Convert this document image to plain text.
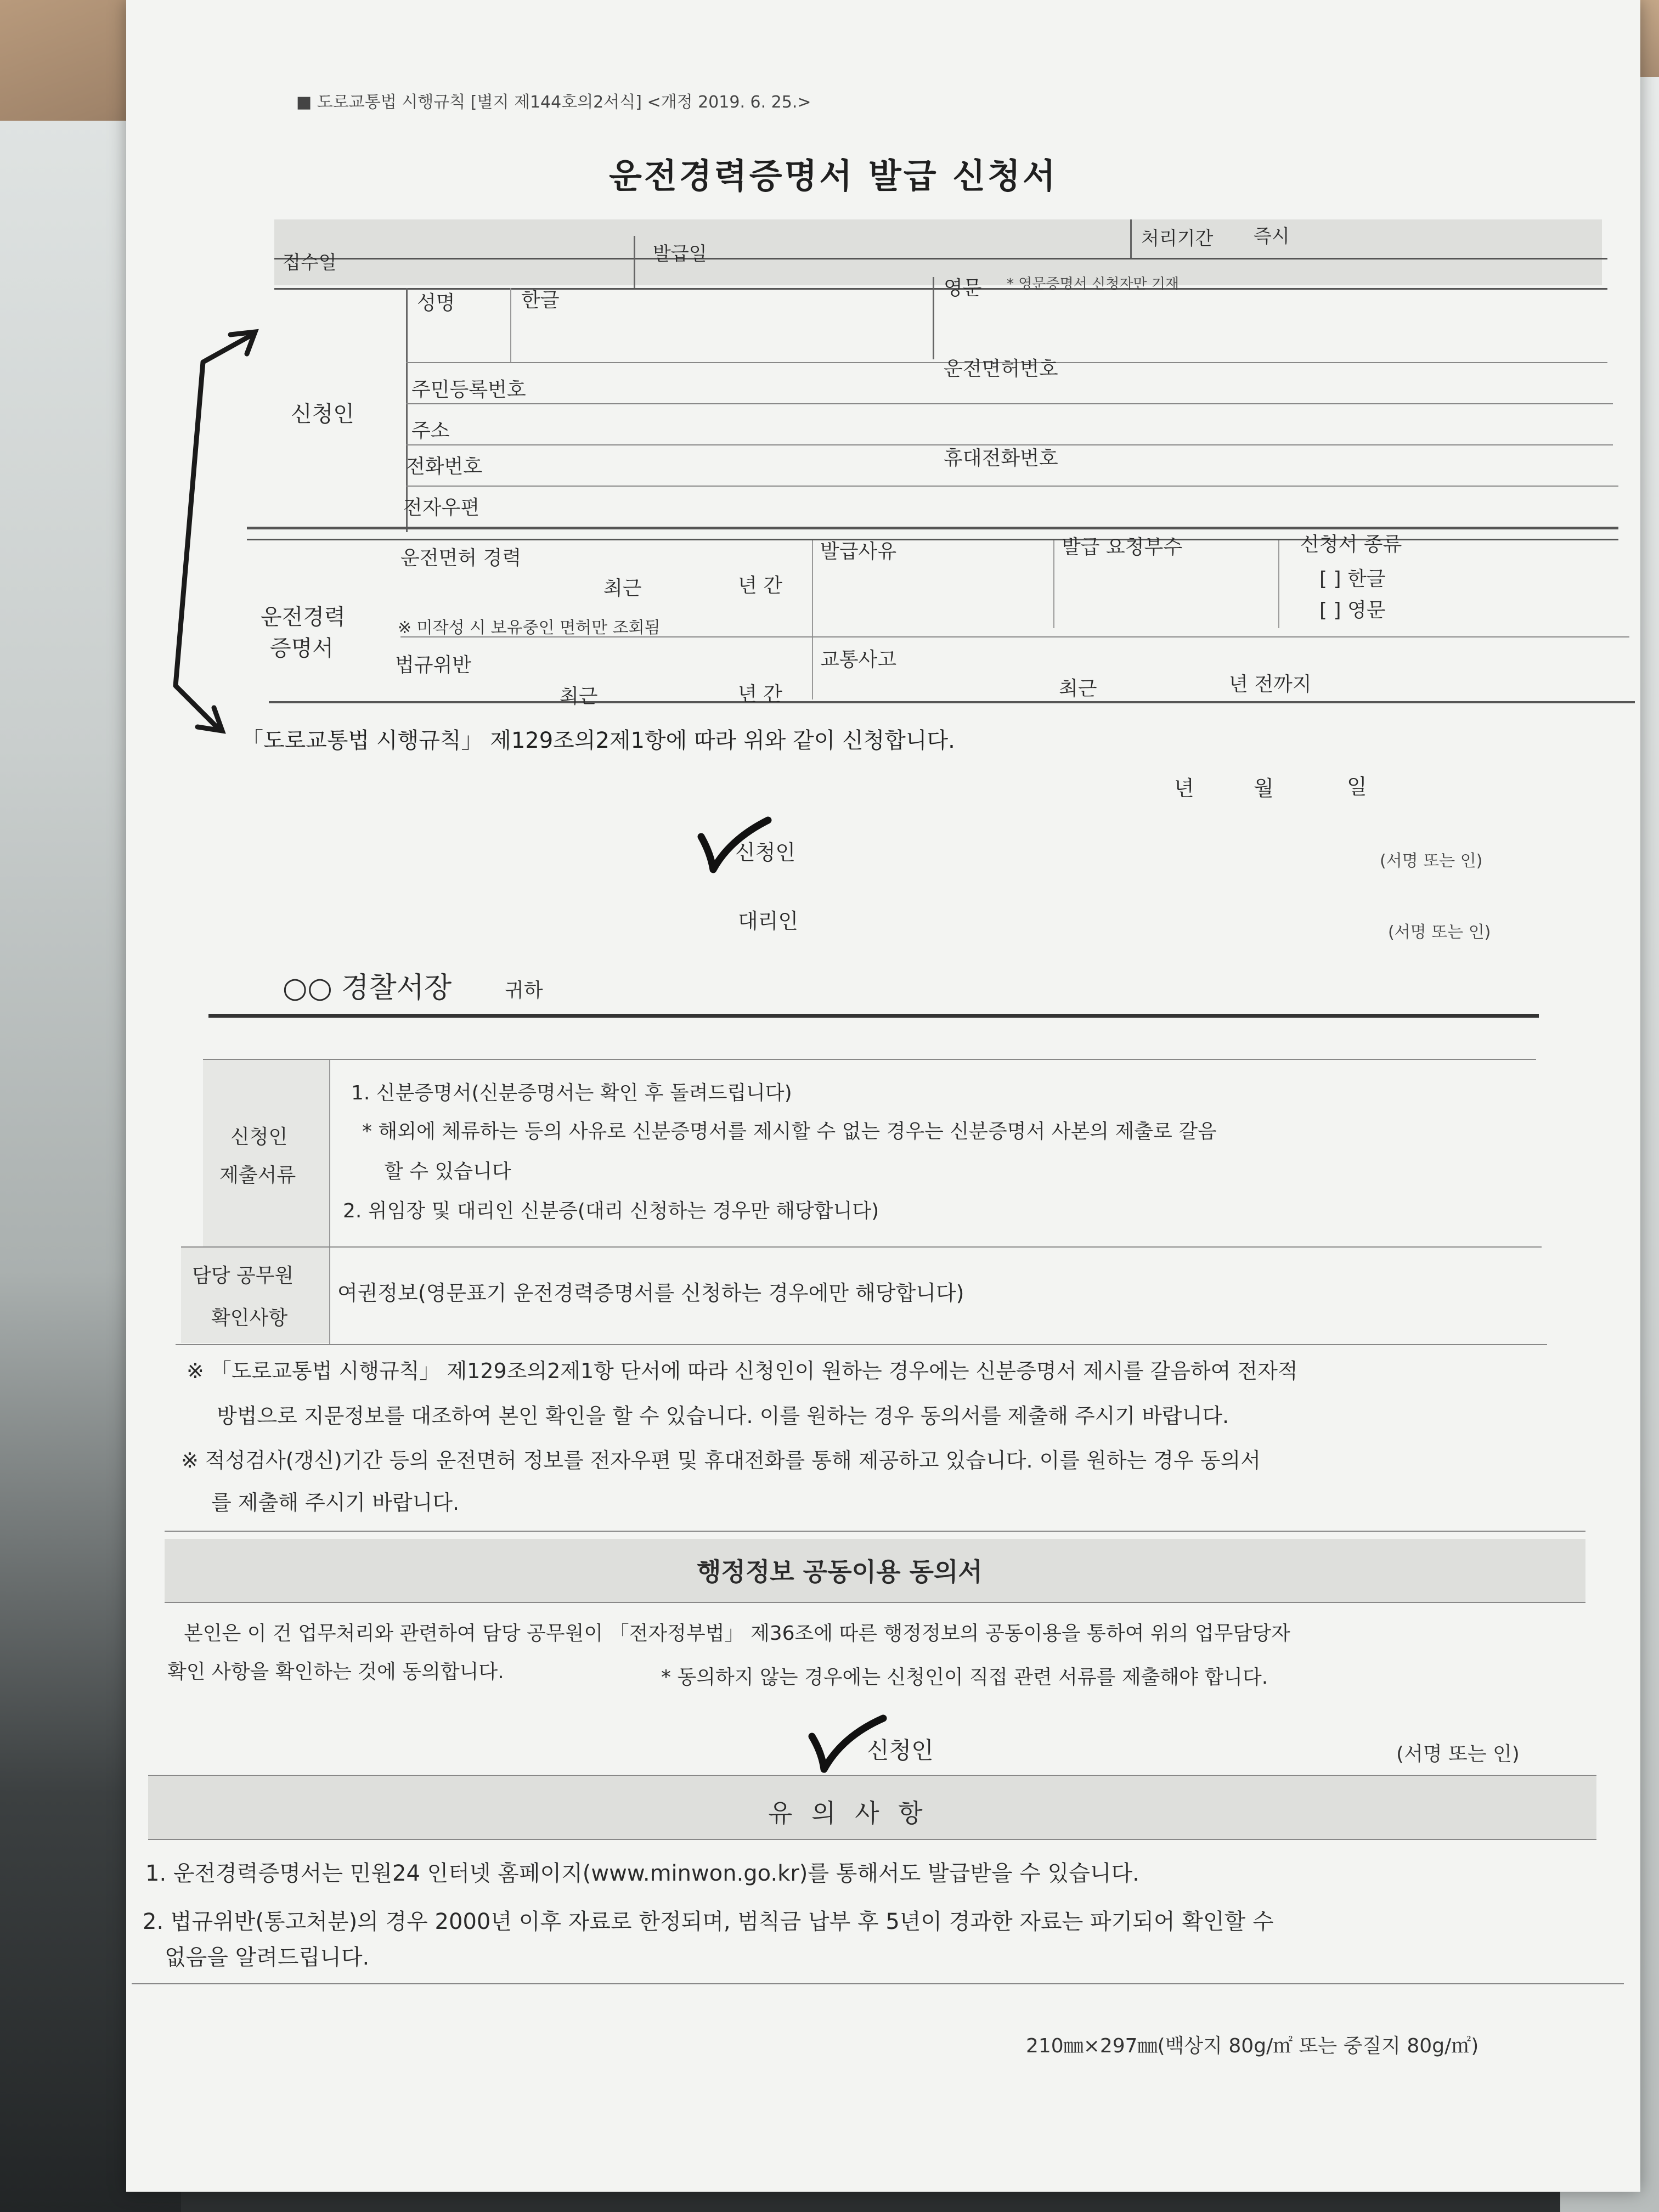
■ 도로교통법 시행규칙 [별지 제144호의2서식] <개정 2019. 6. 25.>
운전경력증명서 발급 신청서
접수일	발급일
처리기간 즉시
신청인
성명	한글
영문 * 영문증명서 신청자만 기재
주민등록번호
운전면허번호
주소
전화번호	휴대전화번호
전자우편
운전경력
증명서
운전면허 경력
최근	년 간
※ 미작성 시 보유중인 면허만 조회됨
법규위반
최근	년 간
발급사유
교통사고
최근	년 전까지
발급 요청부수	신청서 종류
[ ] 한글
[ ] 영문
「도로교통법 시행규칙」 제129조의2제1항에 따라 위와 같이 신청합니다.
년	월	일
신청인	(서명 또는 인)
대리인	(서명 또는 인)
○○ 경찰서장	귀하
신청인
제출서류
1. 신분증명서(신분증명서는 확인 후 돌려드립니다)
* 해외에 체류하는 등의 사유로 신분증명서를 제시할 수 없는 경우는 신분증명서 사본의 제출로 갈음
할 수 있습니다
2. 위임장 및 대리인 신분증(대리 신청하는 경우만 해당합니다)
담당 공무원
확인사항
여권정보(영문표기 운전경력증명서를 신청하는 경우에만 해당합니다)
※ 「도로교통법 시행규칙」 제129조의2제1항 단서에 따라 신청인이 원하는 경우에는 신분증명서 제시를 갈음하여 전자적
방법으로 지문정보를 대조하여 본인 확인을 할 수 있습니다. 이를 원하는 경우 동의서를 제출해 주시기 바랍니다.
※ 적성검사(갱신)기간 등의 운전면허 정보를 전자우편 및 휴대전화를 통해 제공하고 있습니다. 이를 원하는 경우 동의서
를 제출해 주시기 바랍니다.
행정정보 공동이용 동의서
본인은 이 건 업무처리와 관련하여 담당 공무원이 「전자정부법」 제36조에 따른 행정정보의 공동이용을 통하여 위의 업무담당자
확인 사항을 확인하는 것에 동의합니다.	* 동의하지 않는 경우에는 신청인이 직접 관련 서류를 제출해야 합니다.
신청인	(서명 또는 인)
유 의 사 항
1. 운전경력증명서는 민원24 인터넷 홈페이지(www.minwon.go.kr)를 통해서도 발급받을 수 있습니다.
2. 법규위반(통고처분)의 경우 2000년 이후 자료로 한정되며, 범칙금 납부 후 5년이 경과한 자료는 파기되어 확인할 수
없음을 알려드립니다.
210㎜×297㎜(백상지 80g/㎡ 또는 중질지 80g/㎡)
